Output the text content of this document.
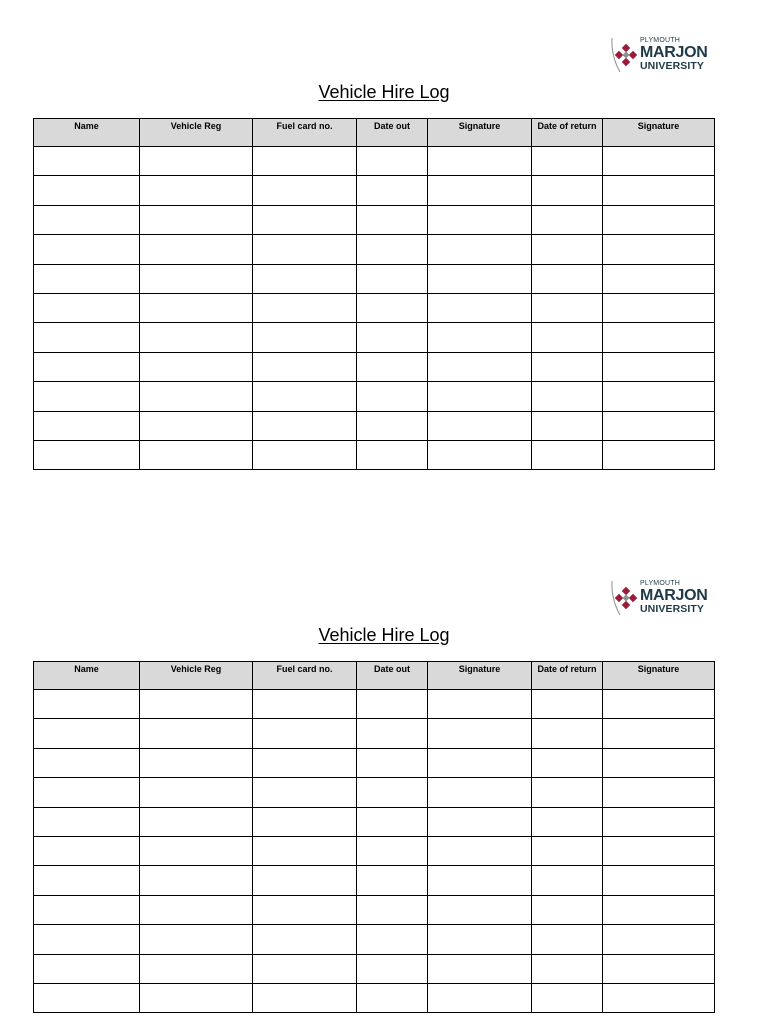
PLYMOUTH
MARJON
UNIVERSITY
Vehicle Hire Log
Name	Vehicle Reg	Fuel card no.	Date out	Signature	Date of return	Signature

PLYMOUTH
MARJON
UNIVERSITY
Vehicle Hire Log
Name	Vehicle Reg	Fuel card no.	Date out	Signature	Date of return	Signature
